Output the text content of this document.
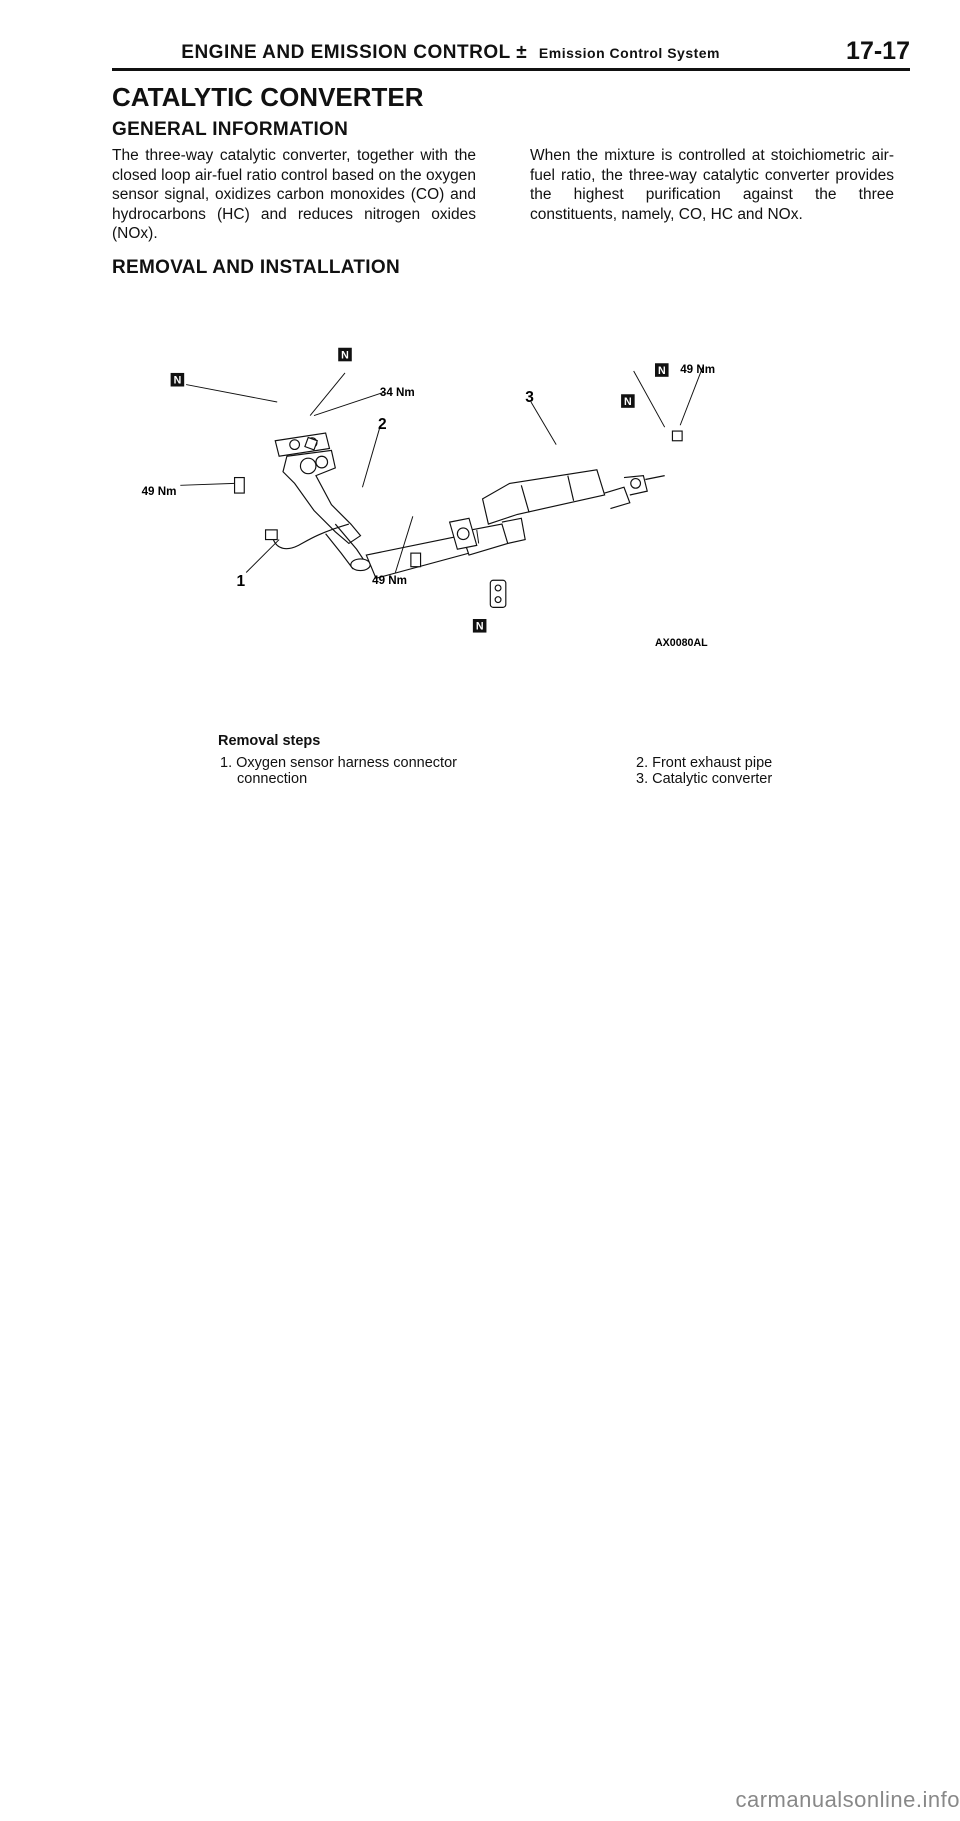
ENGINE AND EMISSION CONTROL ± Emission Control System	17-17
CATALYTIC CONVERTER
GENERAL INFORMATION

The three-way catalytic converter, together with the closed loop air-fuel ratio control based on the oxygen sensor signal, oxidizes carbon monoxides (CO) and hydrocarbons (HC) and reduces nitrogen oxides (NOx).

When the mixture is controlled at stoichiometric air-fuel ratio, the three-way catalytic converter provides the highest purification against the three constituents, namely, CO, HC and NOx.

REMOVAL AND INSTALLATION
N
N
N
N
N
34 Nm
49 Nm
49 Nm
49 Nm
1
2
3
AX0080AL
Removal steps
1. Oxygen sensor harness connector
connection
2. Front exhaust pipe
3. Catalytic converter
carmanualsonline.info
